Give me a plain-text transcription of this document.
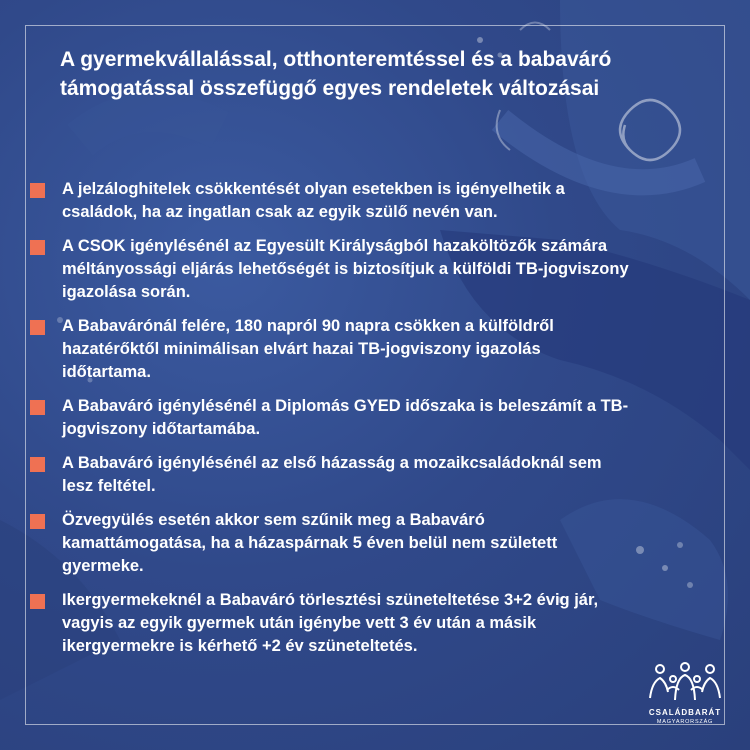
A gyermekvállalással, otthonteremtéssel és a babaváró támogatással összefüggő egyes rendeletek változásai
A jelzáloghitelek csökkentését olyan esetekben is igényelhetik a családok, ha az ingatlan csak az egyik szülő nevén van.
A CSOK igénylésénél az Egyesült Királyságból hazaköltözők számára méltányossági eljárás lehetőségét is biztosítjuk a külföldi TB-jogviszony igazolása során.
A Babavárónál felére, 180 napról 90 napra csökken a külföldről hazatérőktől minimálisan elvárt hazai TB-jogviszony igazolás időtartama.
A Babaváró igénylésénél a Diplomás GYED időszaka is beleszámít a TB-jogviszony időtartamába.
A Babaváró igénylésénél az első házasság a mozaikcsaládoknál sem lesz feltétel.
Özvegyülés esetén akkor sem szűnik meg a Babaváró kamattámogatása, ha a házaspárnak 5 éven belül nem született gyermeke.
Ikergyermekeknél a Babaváró törlesztési szüneteltetése 3+2 évig jár, vagyis az egyik gyermek után igénybe vett 3 év után a másik ikergyermekre is kérhető +2 év szüneteltetés.
CSALÁDBARÁT
MAGYARORSZÁG
